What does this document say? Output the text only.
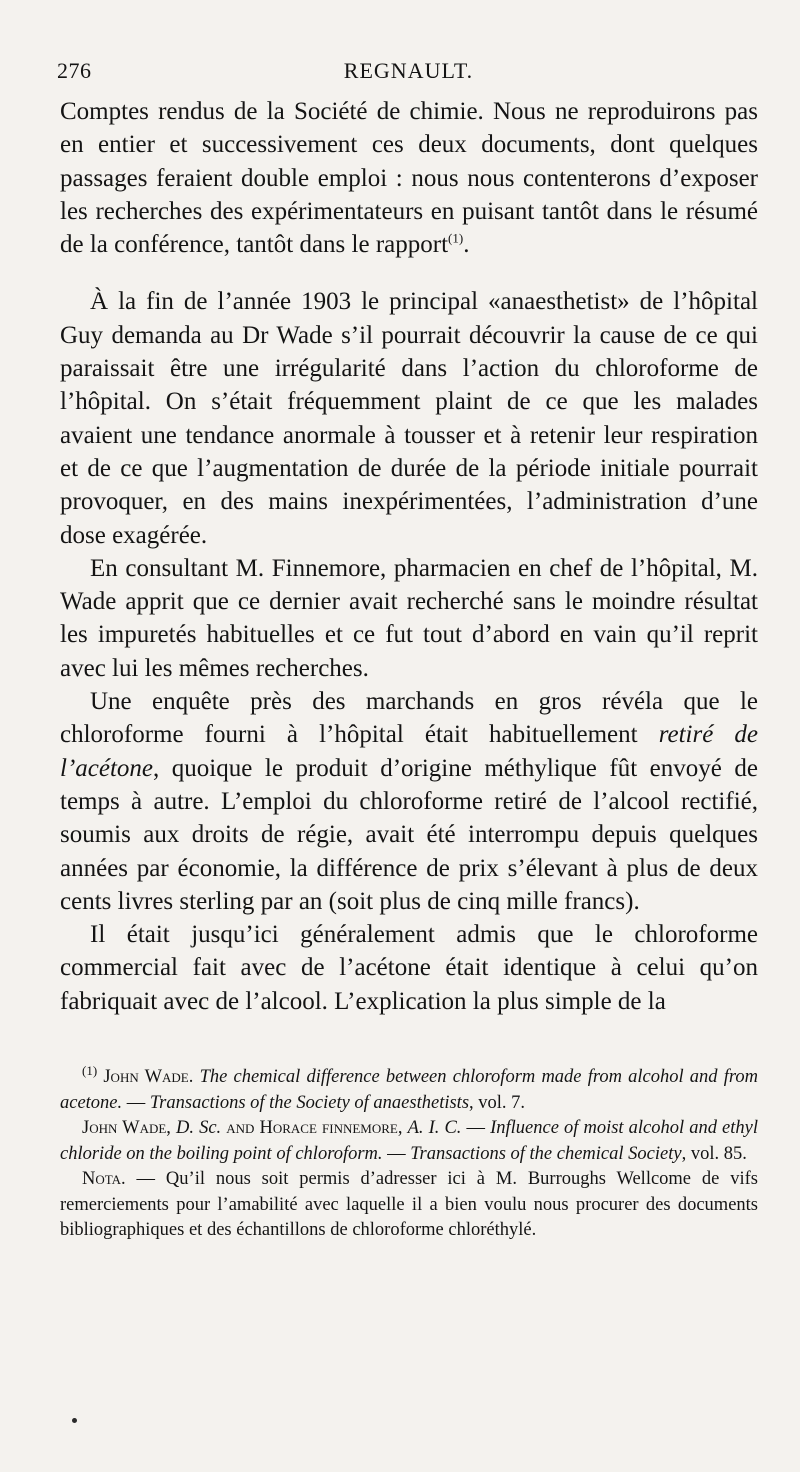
276	REGNAULT.

Comptes rendus de la Société de chimie. Nous ne reproduirons pas en entier et successivement ces deux documents, dont quelques passages feraient double emploi : nous nous contenterons d’exposer les recherches des expérimentateurs en puisant tantôt dans le résumé de la conférence, tantôt dans le rapport$^{(1)}$.

À la fin de l’année 1903 le principal «anaesthetist» de l’hôpital Guy demanda au Dr Wade s’il pourrait découvrir la cause de ce qui paraissait être une irrégularité dans l’action du chloroforme de l’hôpital. On s’était fréquemment plaint de ce que les malades avaient une tendance anormale à tousser et à retenir leur respiration et de ce que l’augmentation de durée de la période initiale pourrait provoquer, en des mains inexpérimentées, l’administration d’une dose exagérée.

En consultant M. Finnemore, pharmacien en chef de l’hôpital, M. Wade apprit que ce dernier avait recherché sans le moindre résultat les impuretés habituelles et ce fut tout d’abord en vain qu’il reprit avec lui les mêmes recherches.

Une enquête près des marchands en gros révéla que le chloroforme fourni à l’hôpital était habituellement retiré de l’acétone, quoique le produit d’origine méthylique fût envoyé de temps à autre. L’emploi du chloroforme retiré de l’alcool rectifié, soumis aux droits de régie, avait été interrompu depuis quelques années par économie, la différence de prix s’élevant à plus de deux cents livres sterling par an (soit plus de cinq mille francs).

Il était jusqu’ici généralement admis que le chloroforme commercial fait avec de l’acétone était identique à celui qu’on fabriquait avec de l’alcool. L’explication la plus simple de la

$^{(1)}$ John Wade. The chemical difference between chloroform made from alcohol and from acetone. — Transactions of the Society of anaesthetists, vol. 7.

John Wade, D. Sc. and Horace finnemore, A. I. C. — Influence of moist alcohol and ethyl chloride on the boiling point of chloroform. — Transactions of the chemical Society, vol. 85.

Nota. — Qu’il nous soit permis d’adresser ici à M. Burroughs Wellcome de vifs remerciements pour l’amabilité avec laquelle il a bien voulu nous procurer des documents bibliographiques et des échantillons de chloroforme chloréthylé.
